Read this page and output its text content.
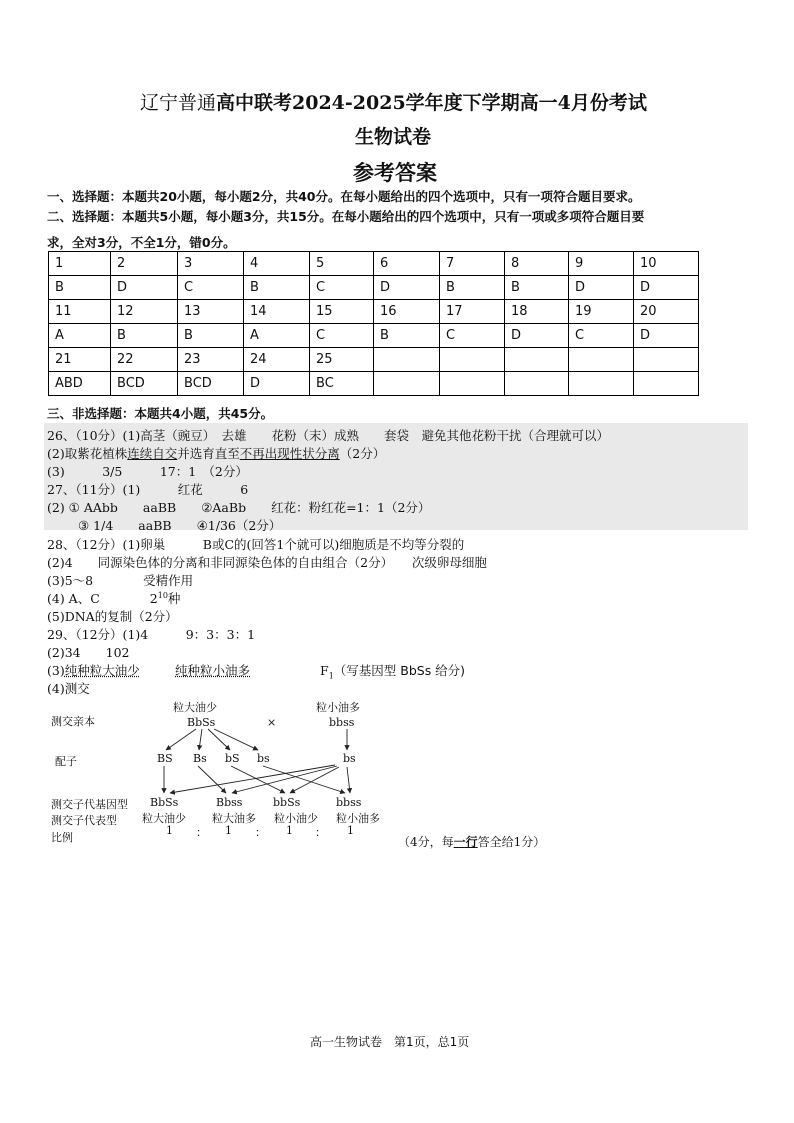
辽宁普通高中联考2024-2025学年度下学期高一4月份考试
生物试卷
参考答案
一、选择题：本题共20小题，每小题2分，共40分。在每小题给出的四个选项中，只有一项符合题目要求。
二、选择题：本题共5小题，每小题3分，共15分。在每小题给出的四个选项中，只有一项或多项符合题目要
求，全对3分，不全1分，错0分。
1	2	3	4	5	6	7	8	9	10
B	D	C	B	C	D	B	B	D	D
11	12	13	14	15	16	17	18	19	20
A	B	B	A	C	B	C	D	C	D
21	22	23	24	25					
ABD	BCD	BCD	D	BC					
三、非选择题：本题共4小题，共45分。
26、（10分）(1)高茎（豌豆）　去雄　　花粉（末）成熟　　套袋　避免其他花粉干扰（合理就可以）
(2)取紫花植株连续自交并选育直至不再出现性状分离（2分）
(3)　　　3/5　　　17：1　（2分）
27、（11分）(1)　　　红花　　　6
(2) ① AAbb　　aaBB　　②AaBb　　红花：粉红花=1：1（2分）
③ 1/4　　aaBB　　④1/36（2分）
28、（12分）(1)卵巢　　　B或C的(回答1个就可以)细胞质是不均等分裂的
(2)4　　同源染色体的分离和非同源染色体的自由组合（2分）　　次级卵母细胞
(3)5～8　　　　受精作用
(4) A、C　　　　$2^{10}$种
(5)DNA的复制（2分）
29、（12分）(1)4　　　9：3：3：1
(2)34　　102
(3)纯种粒大油少	纯种粒小油多	$F_1$（写基因型 BbSs 给分)
(4)测交
测交亲本
粒大油少
BbSs	×
粒小油多
bbss
配子	BS Bs bS bs	bs
测交子代基因型 BbSs	Bbss	bbSs	bbss
测交子代表型 粒大油少 粒大油多 粒小油少 粒小油多
比例
1 ： 1 ： 1 ： 1
（4分，每一行答全给1分）
高一生物试卷　第1页，总1页
